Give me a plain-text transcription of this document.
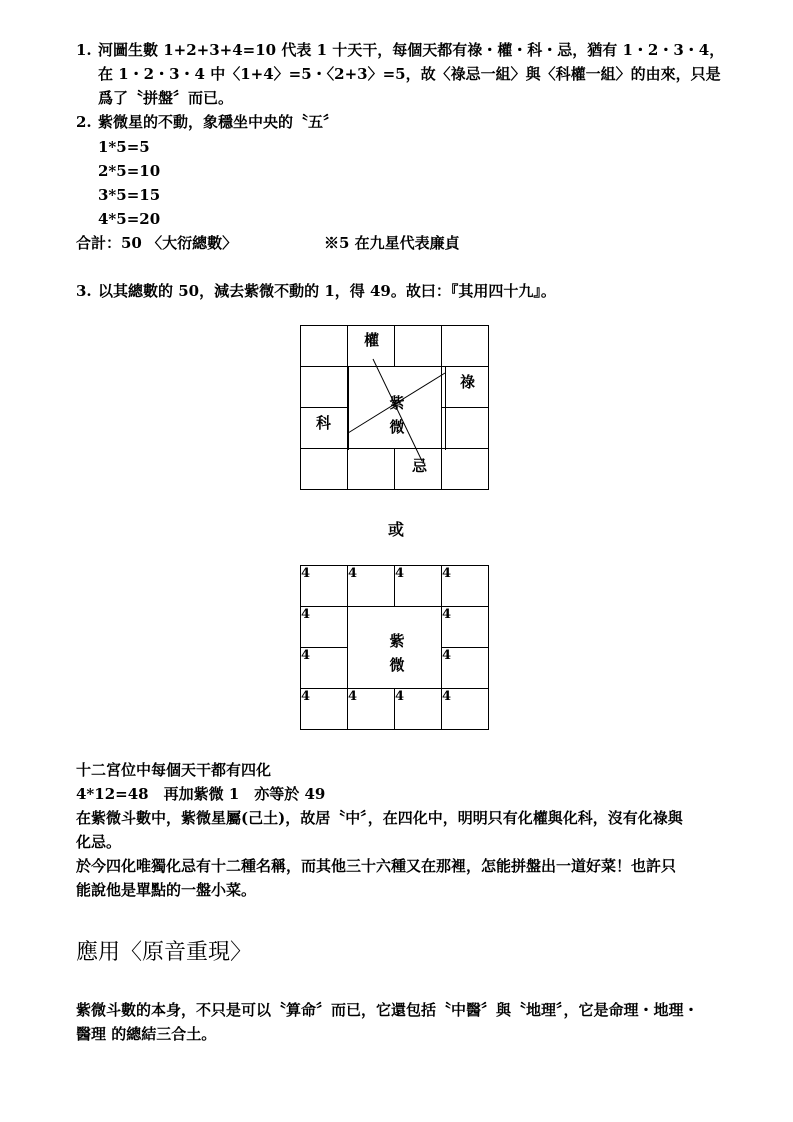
1. 河圖生數 1+2+3+4=10 代表 1 十天干，每個天都有祿・權・科・忌，猶有 1・2・3・4，
在 1・2・3・4 中〈1+4〉=5・〈2+3〉=5，故〈祿忌一組〉與〈科權一組〉的由來，只是
爲了〝拼盤〞而已。
2. 紫微星的不動，象穩坐中央的〝五〞
1*5=5
2*5=10
3*5=15
4*5=20
合計：50 〈大衍總數〉	※5 在九星代表廉貞
3. 以其總數的 50，減去紫微不動的 1，得 49。故曰：『其用四十九』。

權
祿
科
忌
紫
微
或
4	4	4	4
4			4
4			4
4	4	4	4
紫
微
十二宮位中每個天干都有四化
4*12=48　再加紫微 1　亦等於 49
在紫微斗數中，紫微星屬(己土)，故居〝中〞，在四化中，明明只有化權與化科，沒有化祿與
化忌。
於今四化唯獨化忌有十二種名稱，而其他三十六種又在那裡，怎能拼盤出一道好菜！也許只
能說他是單點的一盤小菜。
應用〈原音重現〉
紫微斗數的本身，不只是可以〝算命〞而已，它還包括〝中醫〞與〝地理〞，它是命理・地理・
醫理 的總結三合土。
